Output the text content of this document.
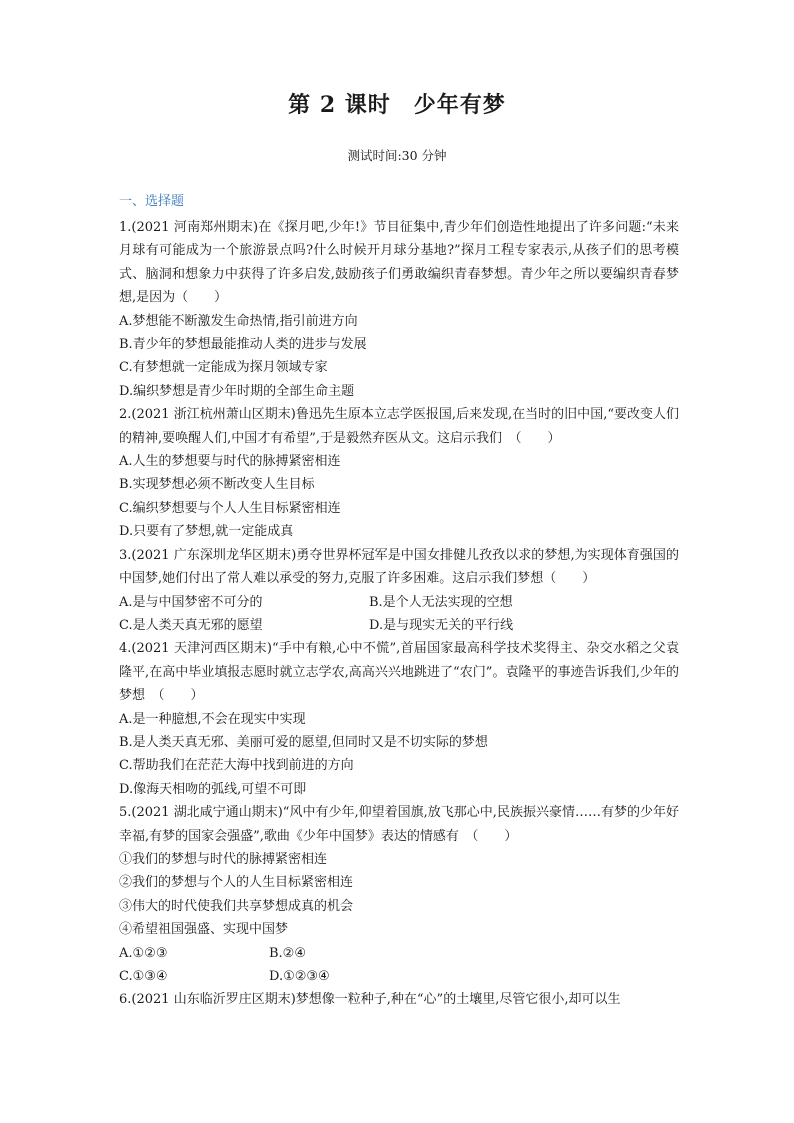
第 2 课时　少年有梦
测试时间:30 分钟
一、选择题

1.(2021 河南郑州期末)在《探月吧,少年!》节目征集中,青少年们创造性地提出了许多问题:“未来月球有可能成为一个旅游景点吗?什么时候开月球分基地?”探月工程专家表示,从孩子们的思考模式、脑洞和想象力中获得了许多启发,鼓励孩子们勇敢编织青春梦想。青少年之所以要编织青春梦想,是因为（　　）

A.梦想能不断激发生命热情,指引前进方向

B.青少年的梦想最能推动人类的进步与发展

C.有梦想就一定能成为探月领域专家

D.编织梦想是青少年时期的全部生命主题

2.(2021 浙江杭州萧山区期末)鲁迅先生原本立志学医报国,后来发现,在当时的旧中国,“要改变人们的精神,要唤醒人们,中国才有希望”,于是毅然弃医从文。这启示我们　（　　）

A.人生的梦想要与时代的脉搏紧密相连

B.实现梦想必须不断改变人生目标

C.编织梦想要与个人人生目标紧密相连

D.只要有了梦想,就一定能成真

3.(2021 广东深圳龙华区期末)勇夺世界杯冠军是中国女排健儿孜孜以求的梦想,为实现体育强国的中国梦,她们付出了常人难以承受的努力,克服了许多困难。这启示我们梦想（　　）

A.是与中国梦密不可分的	B.是个人无法实现的空想
C.是人类天真无邪的愿望	D.是与现实无关的平行线

4.(2021 天津河西区期末)“手中有粮,心中不慌”,首届国家最高科学技术奖得主、杂交水稻之父袁隆平,在高中毕业填报志愿时就立志学农,高高兴兴地跳进了“农门”。袁隆平的事迹告诉我们,少年的梦想　（　　）

A.是一种臆想,不会在现实中实现

B.是人类天真无邪、美丽可爱的愿望,但同时又是不切实际的梦想

C.帮助我们在茫茫大海中找到前进的方向

D.像海天相吻的弧线,可望不可即

5.(2021 湖北咸宁通山期末)“风中有少年,仰望着国旗,放飞那心中,民族振兴豪情……有梦的少年好幸福,有梦的国家会强盛”,歌曲《少年中国梦》表达的情感有　（　　）

①我们的梦想与时代的脉搏紧密相连

②我们的梦想与个人的人生目标紧密相连

③伟大的时代使我们共享梦想成真的机会

④希望祖国强盛、实现中国梦

A.①②③	B.②④
C.①③④	D.①②③④

6.(2021 山东临沂罗庄区期末)梦想像一粒种子,种在“心”的土壤里,尽管它很小,却可以生
